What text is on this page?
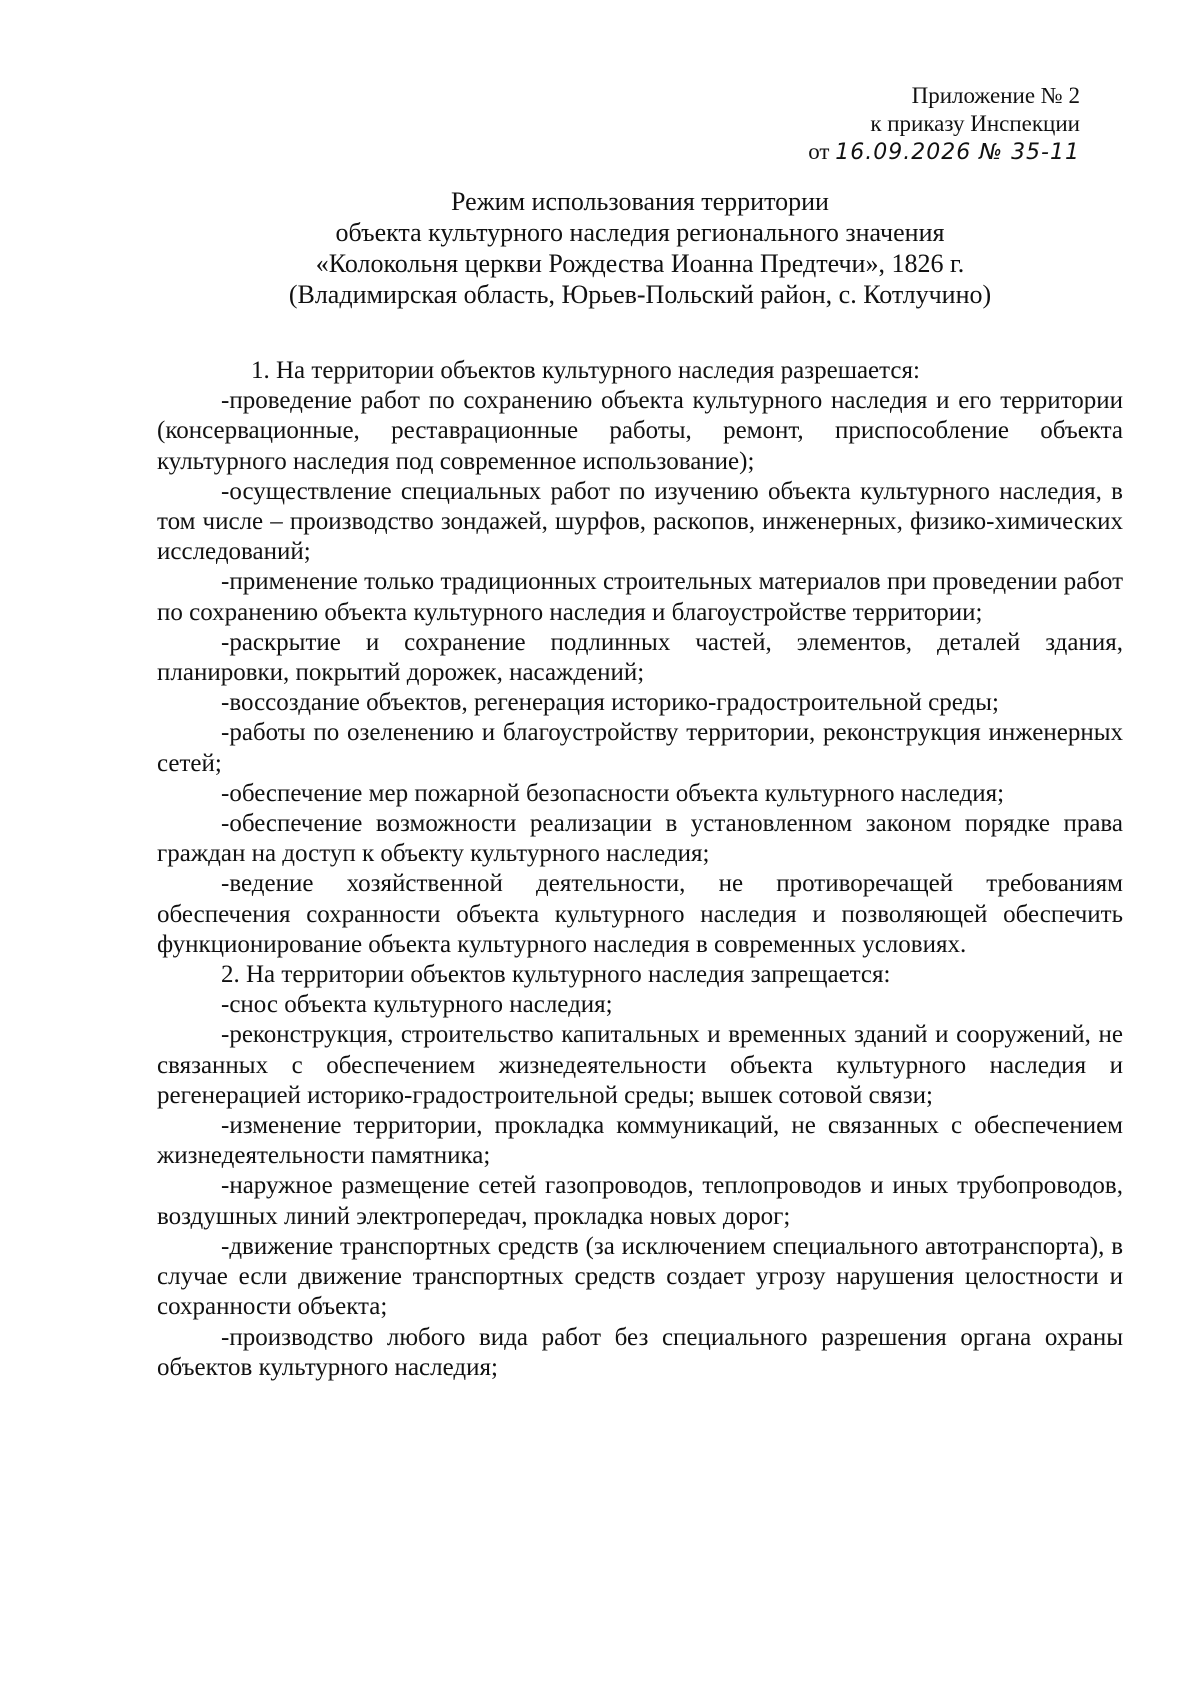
Приложение № 2
к приказу Инспекции
от 16.09.2026 № 35-11
Режим использования территории
объекта культурного наследия регионального значения
«Колокольня церкви Рождества Иоанна Предтечи», 1826 г.
(Владимирская область, Юрьев-Польский район, с. Котлучино)

1. На территории объектов культурного наследия разрешается:

-проведение работ по сохранению объекта культурного наследия и его территории (консервационные, реставрационные работы, ремонт, приспособление объекта культурного наследия под современное использование);

-осуществление специальных работ по изучению объекта культурного наследия, в том числе – производство зондажей, шурфов, раскопов, инженерных, физико-химических исследований;

-применение только традиционных строительных материалов при проведении работ по сохранению объекта культурного наследия и благоустройстве территории;

-раскрытие и сохранение подлинных частей, элементов, деталей здания, планировки, покрытий дорожек, насаждений;

-воссоздание объектов, регенерация историко-градостроительной среды;

-работы по озеленению и благоустройству территории, реконструкция инженерных сетей;

-обеспечение мер пожарной безопасности объекта культурного наследия;

-обеспечение возможности реализации в установленном законом порядке права граждан на доступ к объекту культурного наследия;

-ведение хозяйственной деятельности, не противоречащей требованиям обеспечения сохранности объекта культурного наследия и позволяющей обеспечить функционирование объекта культурного наследия в современных условиях.

2. На территории объектов культурного наследия запрещается:

-снос объекта культурного наследия;

-реконструкция, строительство капитальных и временных зданий и сооружений, не связанных с обеспечением жизнедеятельности объекта культурного наследия и регенерацией историко-градостроительной среды; вышек сотовой связи;

-изменение территории, прокладка коммуникаций, не связанных с обеспечением жизнедеятельности памятника;

-наружное размещение сетей газопроводов, теплопроводов и иных трубопроводов, воздушных линий электропередач, прокладка новых дорог;

-движение транспортных средств (за исключением специального автотранспорта), в случае если движение транспортных средств создает угрозу нарушения целостности и сохранности объекта;

-производство любого вида работ без специального разрешения органа охраны объектов культурного наследия;
